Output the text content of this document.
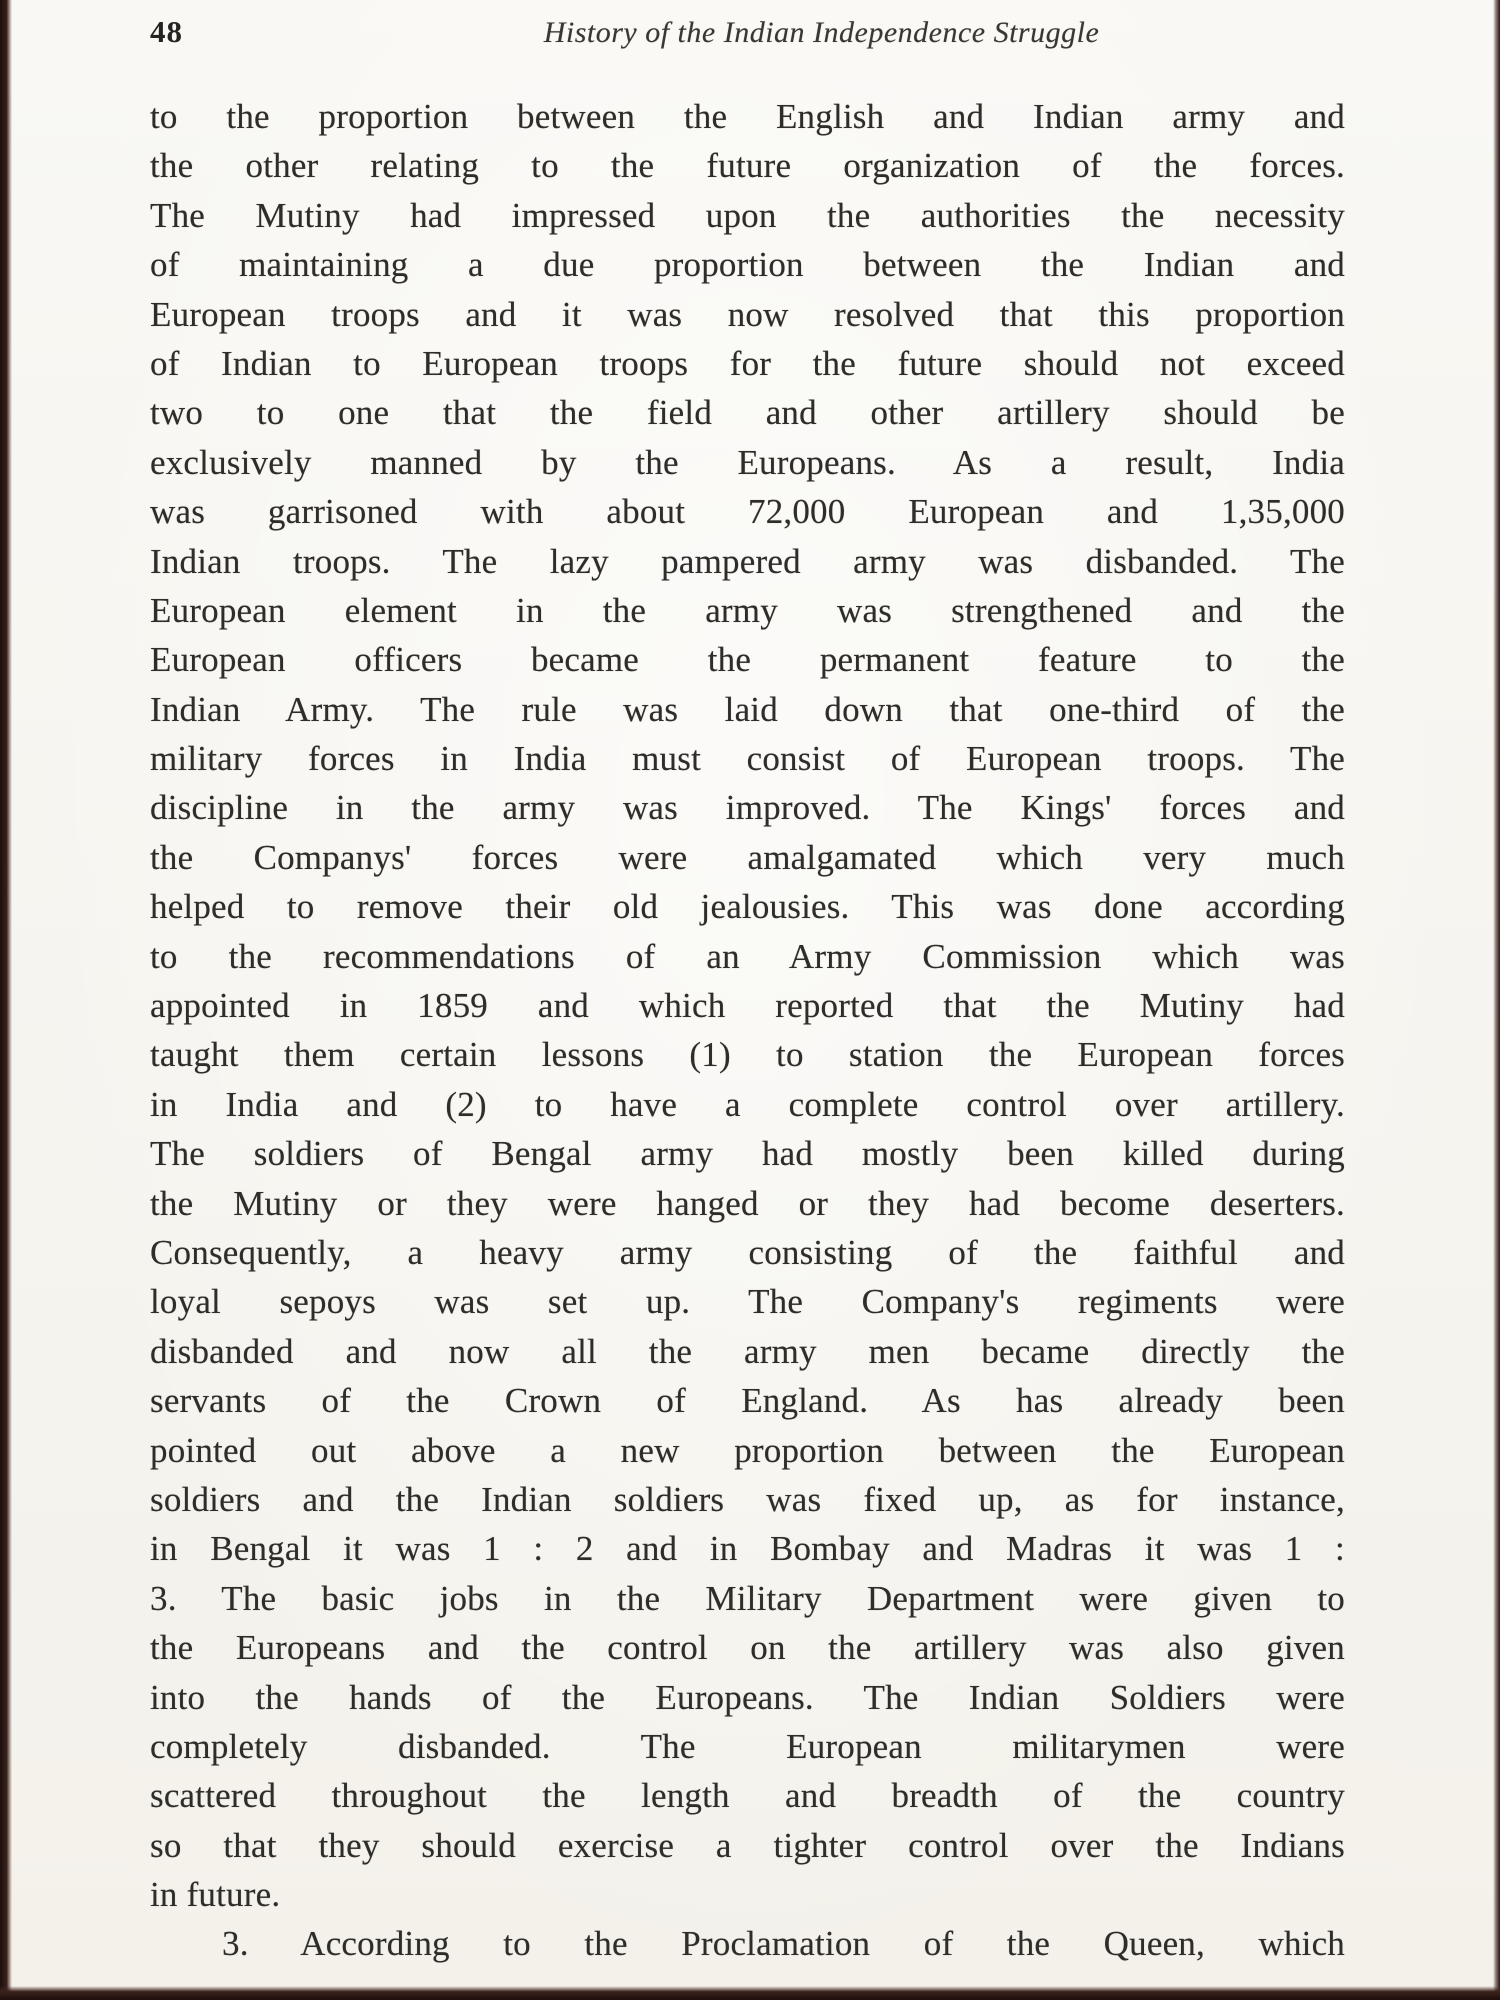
48	History of the Indian Independence Struggle
to the proportion between the English and Indian army and
the other relating to the future organization of the forces.
The Mutiny had impressed upon the authorities the necessity
of maintaining a due proportion between the Indian and
European troops and it was now resolved that this proportion
of Indian to European troops for the future should not exceed
two to one that the field and other artillery should be
exclusively manned by the Europeans. As a result, India
was garrisoned with about 72,000 European and 1,35,000
Indian troops. The lazy pampered army was disbanded. The
European element in the army was strengthened and the
European officers became the permanent feature to the
Indian Army. The rule was laid down that one-third of the
military forces in India must consist of European troops. The
discipline in the army was improved. The Kings' forces and
the Companys' forces were amalgamated which very much
helped to remove their old jealousies. This was done according
to the recommendations of an Army Commission which was
appointed in 1859 and which reported that the Mutiny had
taught them certain lessons (1) to station the European forces
in India and (2) to have a complete control over artillery.
The soldiers of Bengal army had mostly been killed during
the Mutiny or they were hanged or they had become deserters.
Consequently, a heavy army consisting of the faithful and
loyal sepoys was set up. The Company's regiments were
disbanded and now all the army men became directly the
servants of the Crown of England. As has already been
pointed out above a new proportion between the European
soldiers and the Indian soldiers was fixed up, as for instance,
in Bengal it was 1 : 2 and in Bombay and Madras it was 1 :
3. The basic jobs in the Military Department were given to
the Europeans and the control on the artillery was also given
into the hands of the Europeans. The Indian Soldiers were
completely disbanded. The European militarymen were
scattered throughout the length and breadth of the country
so that they should exercise a tighter control over the Indians
in future.
3. According to the Proclamation of the Queen, which
